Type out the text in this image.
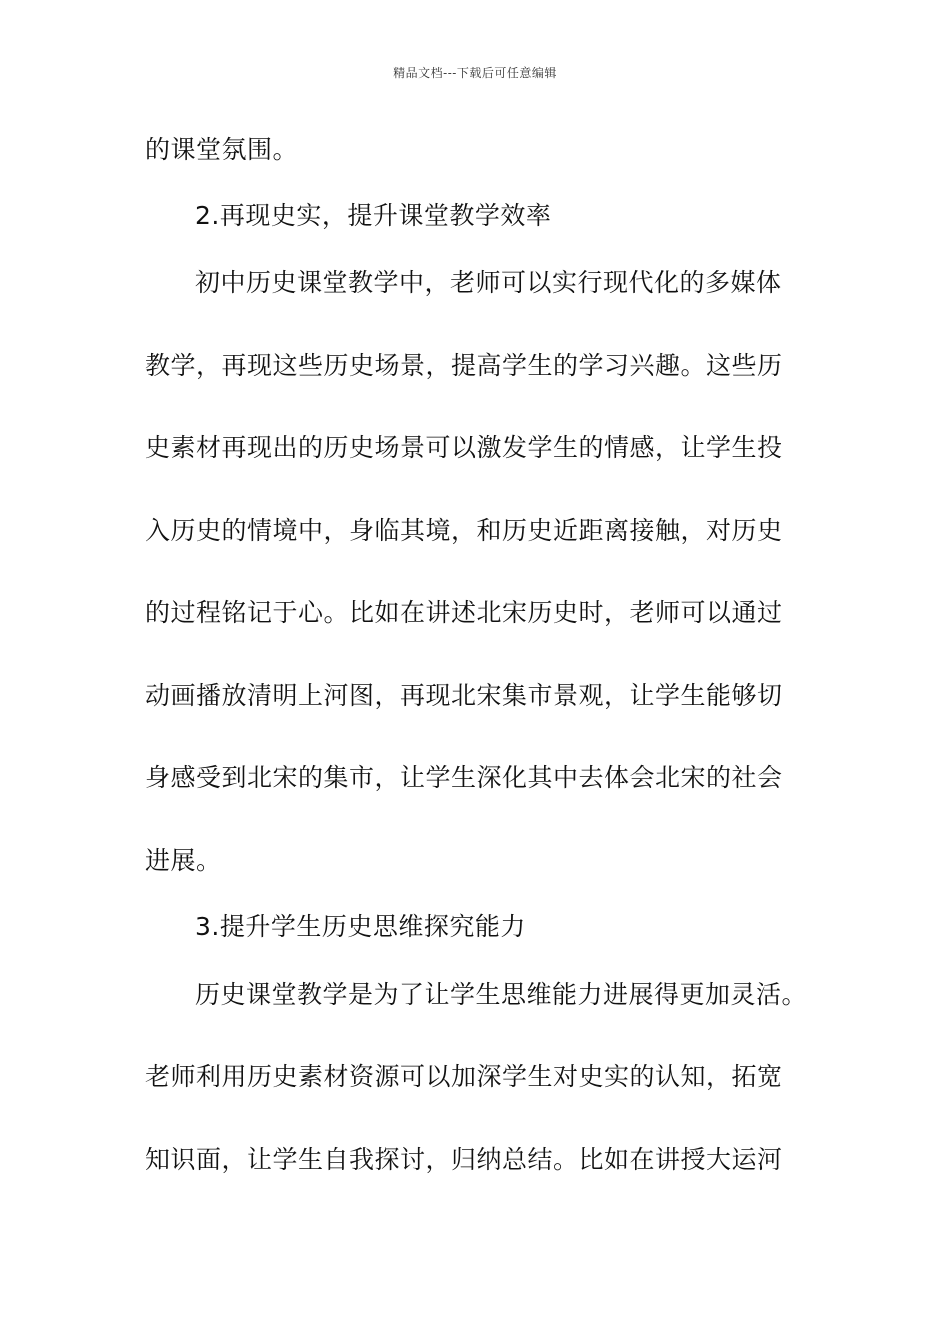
精品文档---下载后可任意编辑
的课堂氛围。
2.再现史实，提升课堂教学效率
初中历史课堂教学中，老师可以实行现代化的多媒体
教学，再现这些历史场景，提高学生的学习兴趣。这些历
史素材再现出的历史场景可以激发学生的情感，让学生投
入历史的情境中，身临其境，和历史近距离接触，对历史
的过程铭记于心。比如在讲述北宋历史时，老师可以通过
动画播放清明上河图，再现北宋集市景观，让学生能够切
身感受到北宋的集市，让学生深化其中去体会北宋的社会
进展。
3.提升学生历史思维探究能力
历史课堂教学是为了让学生思维能力进展得更加灵活。
老师利用历史素材资源可以加深学生对史实的认知，拓宽
知识面，让学生自我探讨，归纳总结。比如在讲授大运河
